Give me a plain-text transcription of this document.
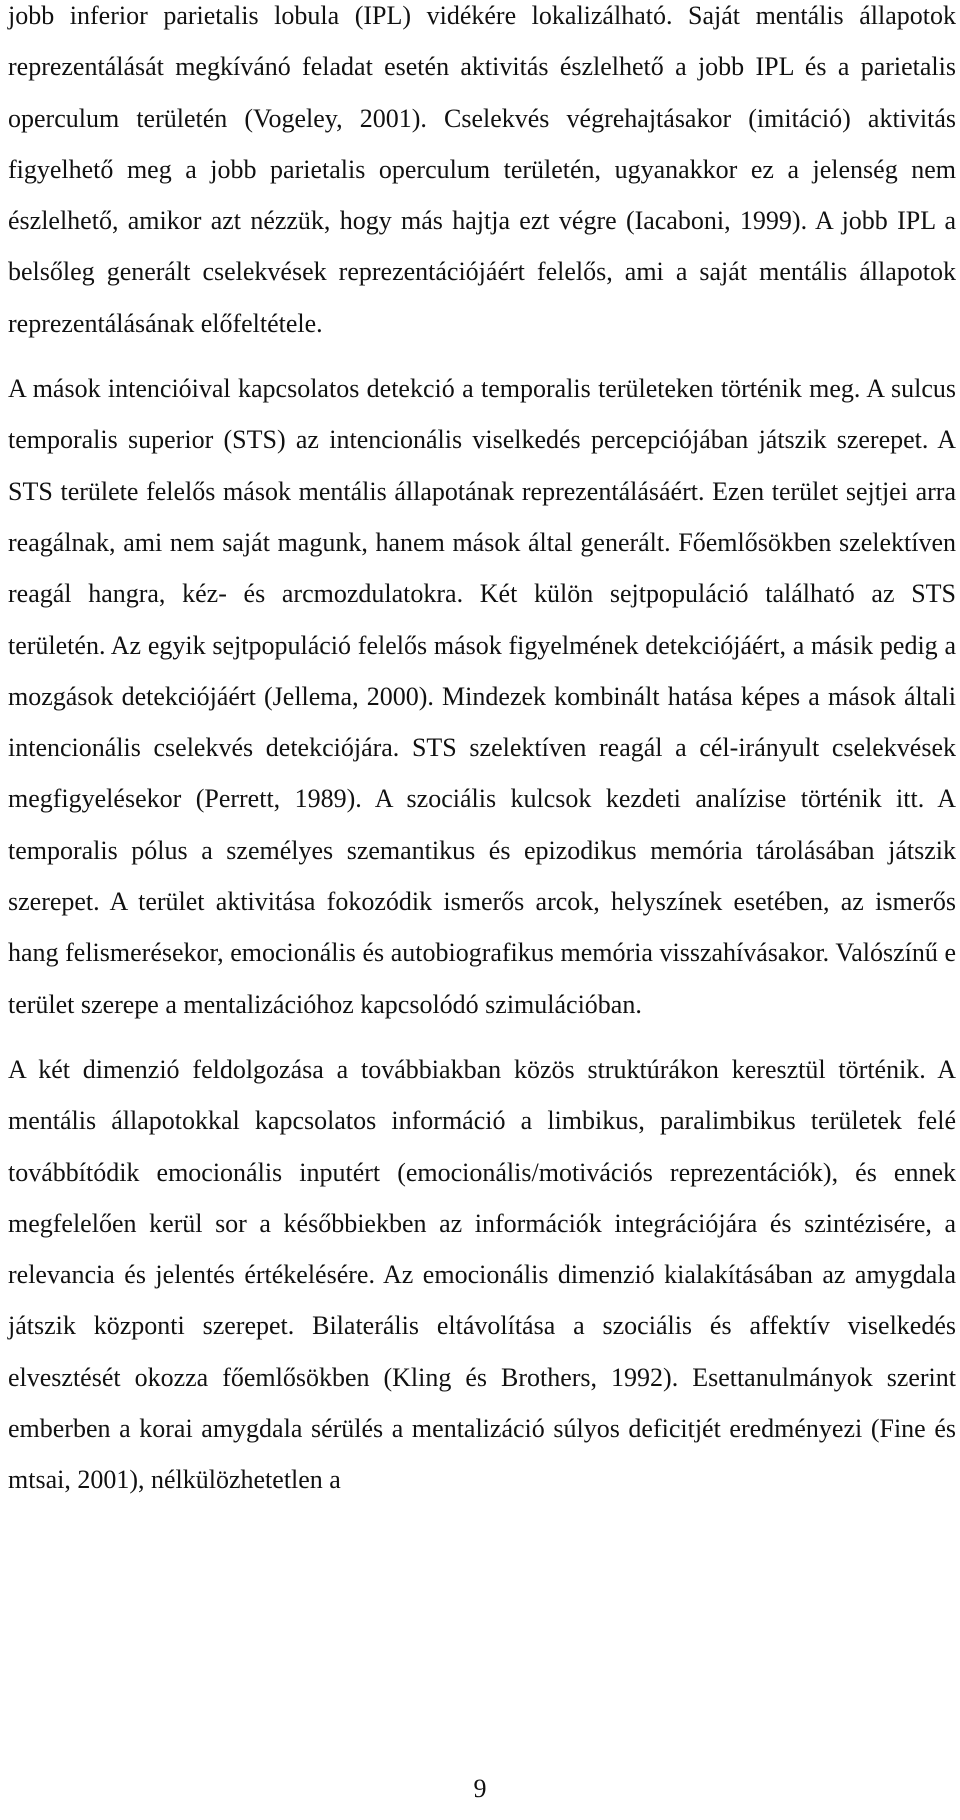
jobb inferior parietalis lobula (IPL) vidékére lokalizálható. Saját mentális állapotok reprezentálását megkívánó feladat esetén aktivitás észlelhető a jobb IPL és a parietalis operculum területén (Vogeley, 2001). Cselekvés végrehajtásakor (imitáció) aktivitás figyelhető meg a jobb parietalis operculum területén, ugyanakkor ez a jelenség nem észlelhető, amikor azt nézzük, hogy más hajtja ezt végre (Iacaboni, 1999). A jobb IPL a belsőleg generált cselekvések reprezentációjáért felelős, ami a saját mentális állapotok reprezentálásának előfeltétele.

A mások intencióival kapcsolatos detekció a temporalis területeken történik meg. A sulcus temporalis superior (STS) az intencionális viselkedés percepciójában játszik szerepet. A STS területe felelős mások mentális állapotának reprezentálásáért. Ezen terület sejtjei arra reagálnak, ami nem saját magunk, hanem mások által generált. Főemlősökben szelektíven reagál hangra, kéz- és arcmozdulatokra. Két külön sejtpopuláció található az STS területén. Az egyik sejtpopuláció felelős mások figyelmének detekciójáért, a másik pedig a mozgások detekciójáért (Jellema, 2000). Mindezek kombinált hatása képes a mások általi intencionális cselekvés detekciójára. STS szelektíven reagál a cél-irányult cselekvések megfigyelésekor (Perrett, 1989). A szociális kulcsok kezdeti analízise történik itt. A temporalis pólus a személyes szemantikus és epizodikus memória tárolásában játszik szerepet. A terület aktivitása fokozódik ismerős arcok, helyszínek esetében, az ismerős hang felismerésekor, emocionális és autobiografikus memória visszahívásakor. Valószínű e terület szerepe a mentalizációhoz kapcsolódó szimulációban.

A két dimenzió feldolgozása a továbbiakban közös struktúrákon keresztül történik. A mentális állapotokkal kapcsolatos információ a limbikus, paralimbikus területek felé továbbítódik emocionális inputért (emocionális/motivációs reprezentációk), és ennek megfelelően kerül sor a későbbiekben az információk integrációjára és szintézisére, a relevancia és jelentés értékelésére. Az emocionális dimenzió kialakításában az amygdala játszik központi szerepet. Bilaterális eltávolítása a szociális és affektív viselkedés elvesztését okozza főemlősökben (Kling és Brothers, 1992). Esettanulmányok szerint emberben a korai amygdala sérülés a mentalizáció súlyos deficitjét eredményezi (Fine és mtsai, 2001), nélkülözhetetlen a

9
